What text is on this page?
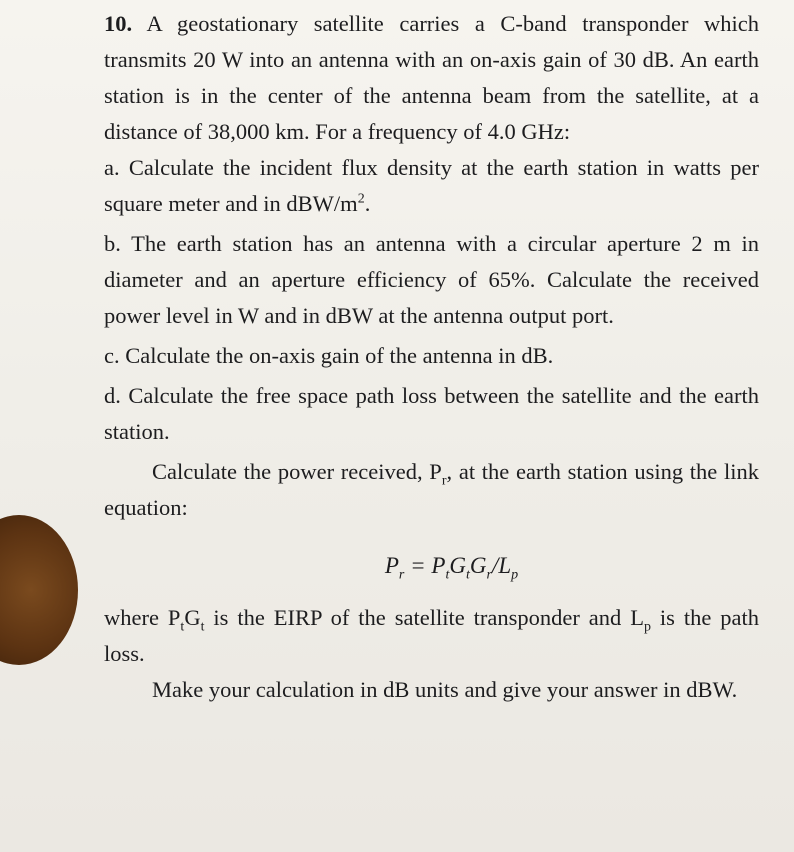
10. A geostationary satellite carries a C-band transponder which transmits 20 W into an antenna with an on-axis gain of 30 dB. An earth station is in the center of the antenna beam from the satellite, at a distance of 38,000 km. For a frequency of 4.0 GHz:

a. Calculate the incident flux density at the earth station in watts per square meter and in dBW/$m^2$.

b. The earth station has an antenna with a circular aperture 2 m in diameter and an aperture efficiency of 65%. Calculate the received power level in W and in dBW at the antenna output port.

c. Calculate the on-axis gain of the antenna in dB.

d. Calculate the free space path loss between the satellite and the earth station.

Calculate the power received, $P_r$, at the earth station using the link equation:

$P_r = P_tG_tG_r/L_p$

where $P_tG_t$ is the EIRP of the satellite transponder and $L_p$ is the path loss.

Make your calculation in dB units and give your answer in dBW.
